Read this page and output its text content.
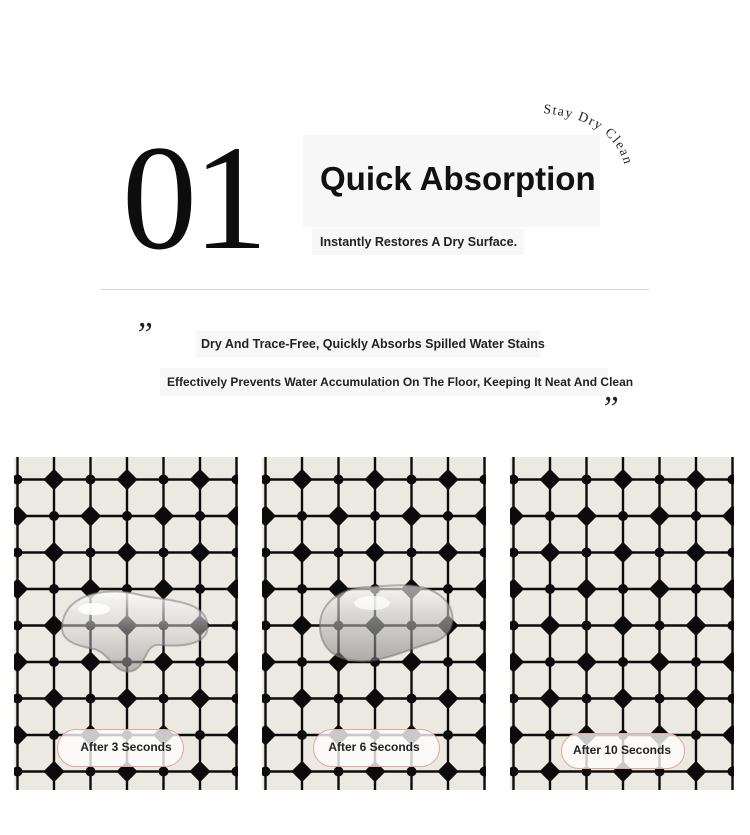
01	Quick Absorption
Instantly Restores A Dry Surface.
Stay Dry Clean
”	Dry And Trace-Free, Quickly Absorbs Spilled Water Stains
Effectively Prevents Water Accumulation On The Floor, Keeping It Neat And Clean
”
After 3 Seconds	After 6 Seconds	After 10 Seconds
